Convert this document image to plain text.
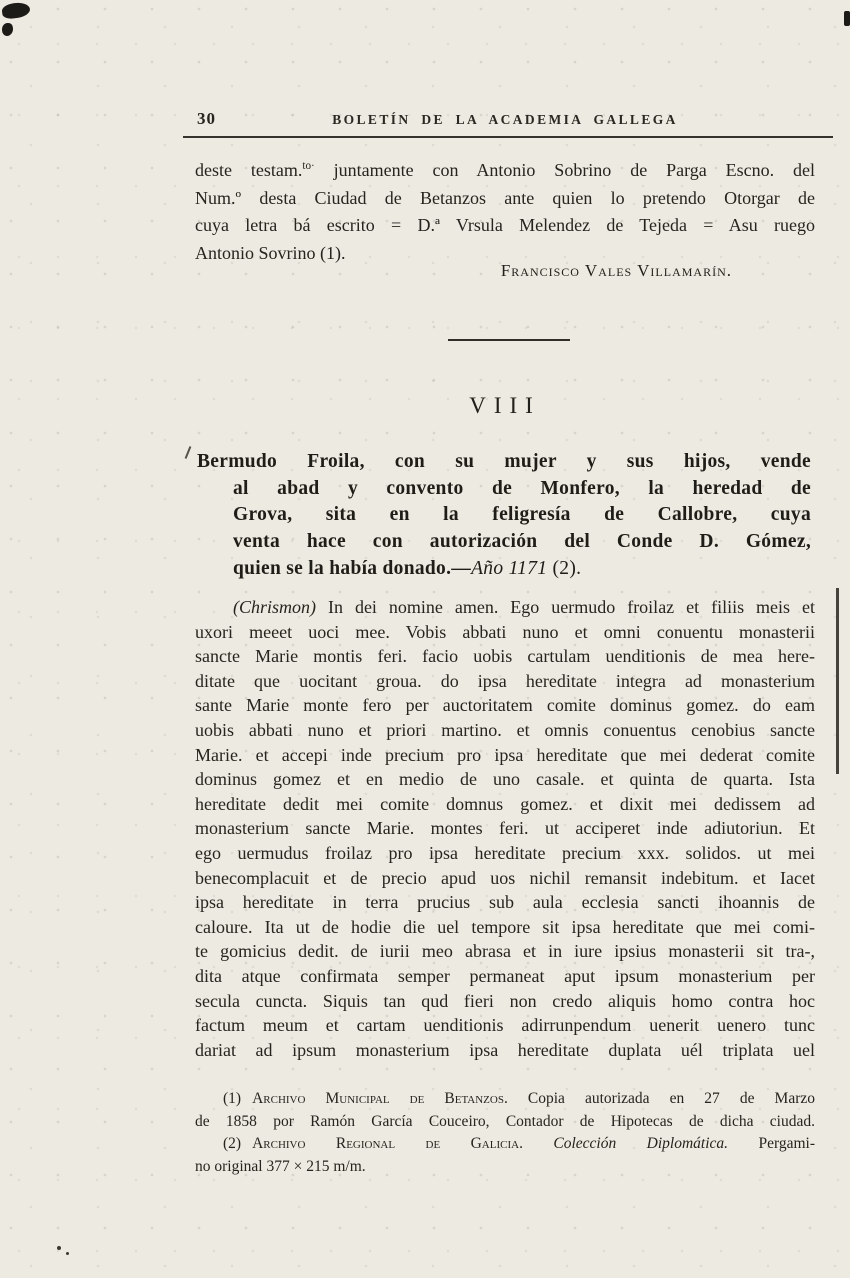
30	BOLETÍN DE LA ACADEMIA GALLEGA
deste testam.$^{to\cdot}$ juntamente con Antonio Sobrino de Parga Escno. del
Num.º desta Ciudad de Betanzos ante quien lo pretendo Otorgar de
cuya letra bá escrito = D.ª Vrsula Melendez de Tejeda = Asu ruego
Antonio Sovrino (1).
Francisco Vales Villamarín.
VIII
Bermudo Froila, con su mujer y sus hijos, vende
al abad y convento de Monfero, la heredad de
Grova, sita en la feligresía de Callobre, cuya
venta hace con autorización del Conde D. Gómez,
quien se la había donado.—Año 1171 (2).
(Chrismon) In dei nomine amen. Ego uermudo froilaz et filiis meis et
uxori meeet uoci mee. Vobis abbati nuno et omni conuentu monasterii
sancte Marie montis feri. facio uobis cartulam uenditionis de mea here-
ditate que uocitant groua. do ipsa hereditate integra ad monasterium
sante Marie monte fero per auctoritatem comite dominus gomez. do eam
uobis abbati nuno et priori martino. et omnis conuentus cenobius sancte
Marie. et accepi inde precium pro ipsa hereditate que mei dederat comite
dominus gomez et en medio de uno casale. et quinta de quarta. Ista
hereditate dedit mei comite domnus gomez. et dixit mei dedissem ad
monasterium sancte Marie. montes feri. ut acciperet inde adiutoriun. Et
ego uermudus froilaz pro ipsa hereditate precium xxx. solidos. ut mei
benecomplacuit et de precio apud uos nichil remansit indebitum. et Iacet
ipsa hereditate in terra prucius sub aula ecclesia sancti ihoannis de
caloure. Ita ut de hodie die uel tempore sit ipsa hereditate que mei comi-
te gomicius dedit. de iurii meo abrasa et in iure ipsius monasterii sit tra-,
dita atque confirmata semper permaneat aput ipsum monasterium per
secula cuncta. Siquis tan qud fieri non credo aliquis homo contra hoc
factum meum et cartam uenditionis adirrunpendum uenerit uenero tunc
dariat ad ipsum monasterium ipsa hereditate duplata uél triplata uel
(1) Archivo Municipal de Betanzos. Copia autorizada en 27 de Marzo
de 1858 por Ramón García Couceiro, Contador de Hipotecas de dicha ciudad.
(2) Archivo Regional de Galicia. Colección Diplomática. Pergami-
no original 377 × 215 m/m.
